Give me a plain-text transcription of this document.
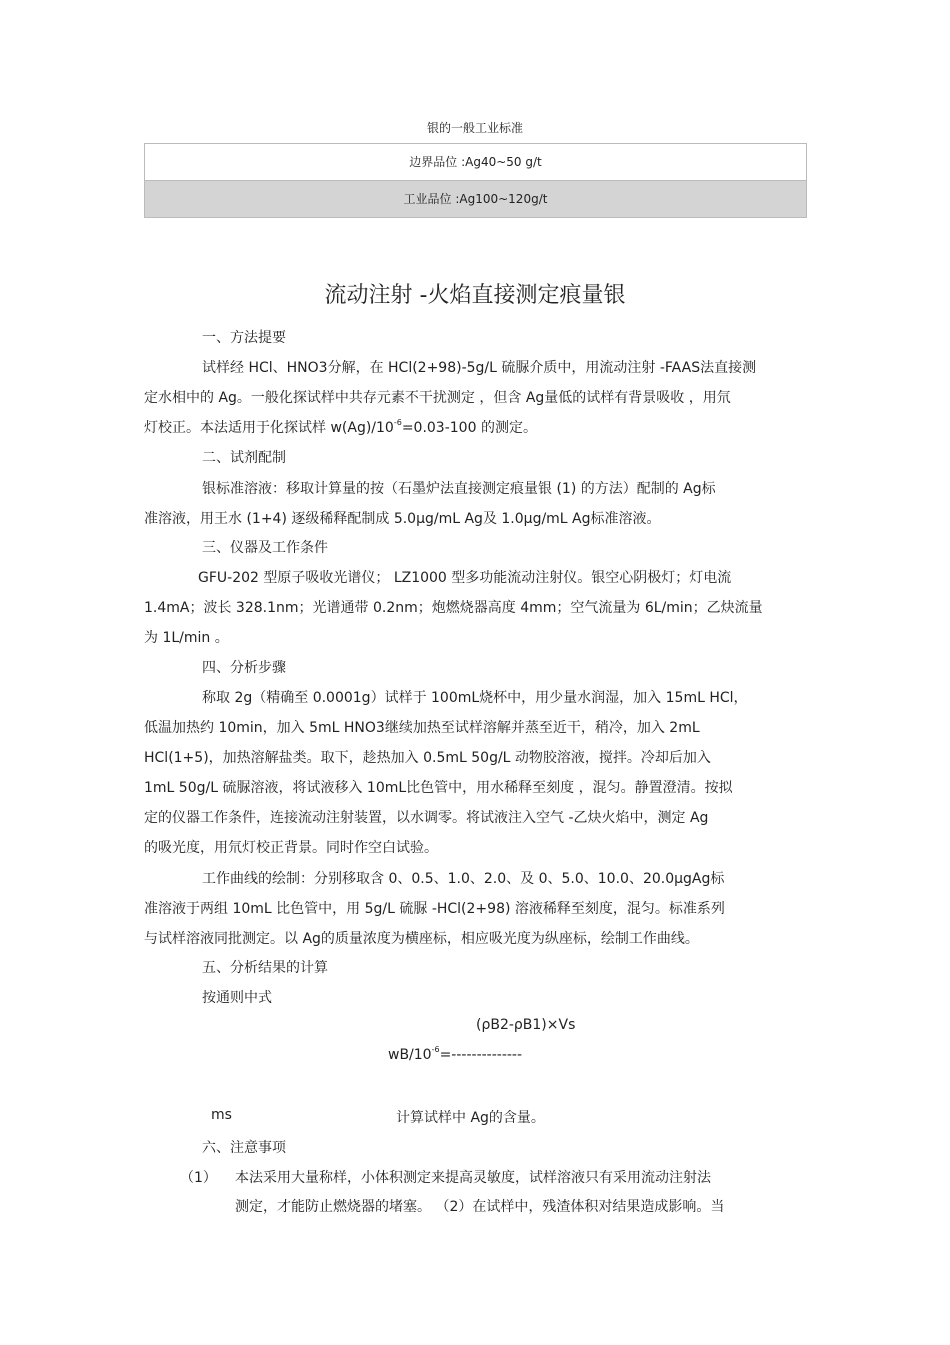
银的一般工业标准
边界品位 :Ag40~50 g/t
工业品位 :Ag100~120g/t
流动注射 -火焰直接测定痕量银
一、方法提要
试样经 HCl、HNO3分解，在 HCl(2+98)-5g/L 硫脲介质中，用流动注射 -FAAS法直接测
定水相中的 Ag。一般化探试样中共存元素不干扰测定 ，但含 Ag量低的试样有背景吸收 ，用氘
灯校正。本法适用于化探试样 $w(Ag)/10^{-6}=0.03-100$ 的测定。
二、试剂配制
银标准溶液：移取计算量的按（石墨炉法直接测定痕量银 (1) 的方法）配制的 Ag标
准溶液，用王水 (1+4) 逐级稀释配制成 5.0μg/mL Ag及 1.0μg/mL Ag标准溶液。
三、仪器及工作条件
GFU-202 型原子吸收光谱仪； LZ1000 型多功能流动注射仪。银空心阴极灯；灯电流
1.4mA；波长 328.1nm；光谱通带 0.2nm；炮燃烧器高度 4mm；空气流量为 6L/min；乙炔流量
为 1L/min 。
四、分析步骤
称取 2g（精确至 0.0001g）试样于 100mL烧杯中，用少量水润湿，加入 15mL HCl，
低温加热约 10min，加入 5mL HNO3继续加热至试样溶解并蒸至近干，稍冷，加入 2mL
HCl(1+5)，加热溶解盐类。取下，趁热加入 0.5mL 50g/L 动物胶溶液，搅拌。冷却后加入
1mL 50g/L 硫脲溶液，将试液移入 10mL比色管中，用水稀释至刻度 ，混匀。静置澄清。按拟
定的仪器工作条件，连接流动注射装置，以水调零。将试液注入空气 -乙炔火焰中，测定 Ag
的吸光度，用氘灯校正背景。同时作空白试验。
工作曲线的绘制：分别移取含 0、0.5、1.0、2.0、及 0、5.0、10.0、20.0μgAg标
准溶液于两组 10mL 比色管中，用 5g/L 硫脲 -HCl(2+98) 溶液稀释至刻度，混匀。标准系列
与试样溶液同批测定。以 Ag的质量浓度为横座标，相应吸光度为纵座标，绘制工作曲线。
五、分析结果的计算
按通则中式
(ρB2-ρB1)×Vs
$wB/10^{-6}=--------------$
ms	计算试样中 Ag的含量。
六、注意事项
（1） 本法采用大量称样，小体积测定来提高灵敏度，试样溶液只有采用流动注射法
测定，才能防止燃烧器的堵塞。 （2）在试样中，残渣体积对结果造成影响。当
